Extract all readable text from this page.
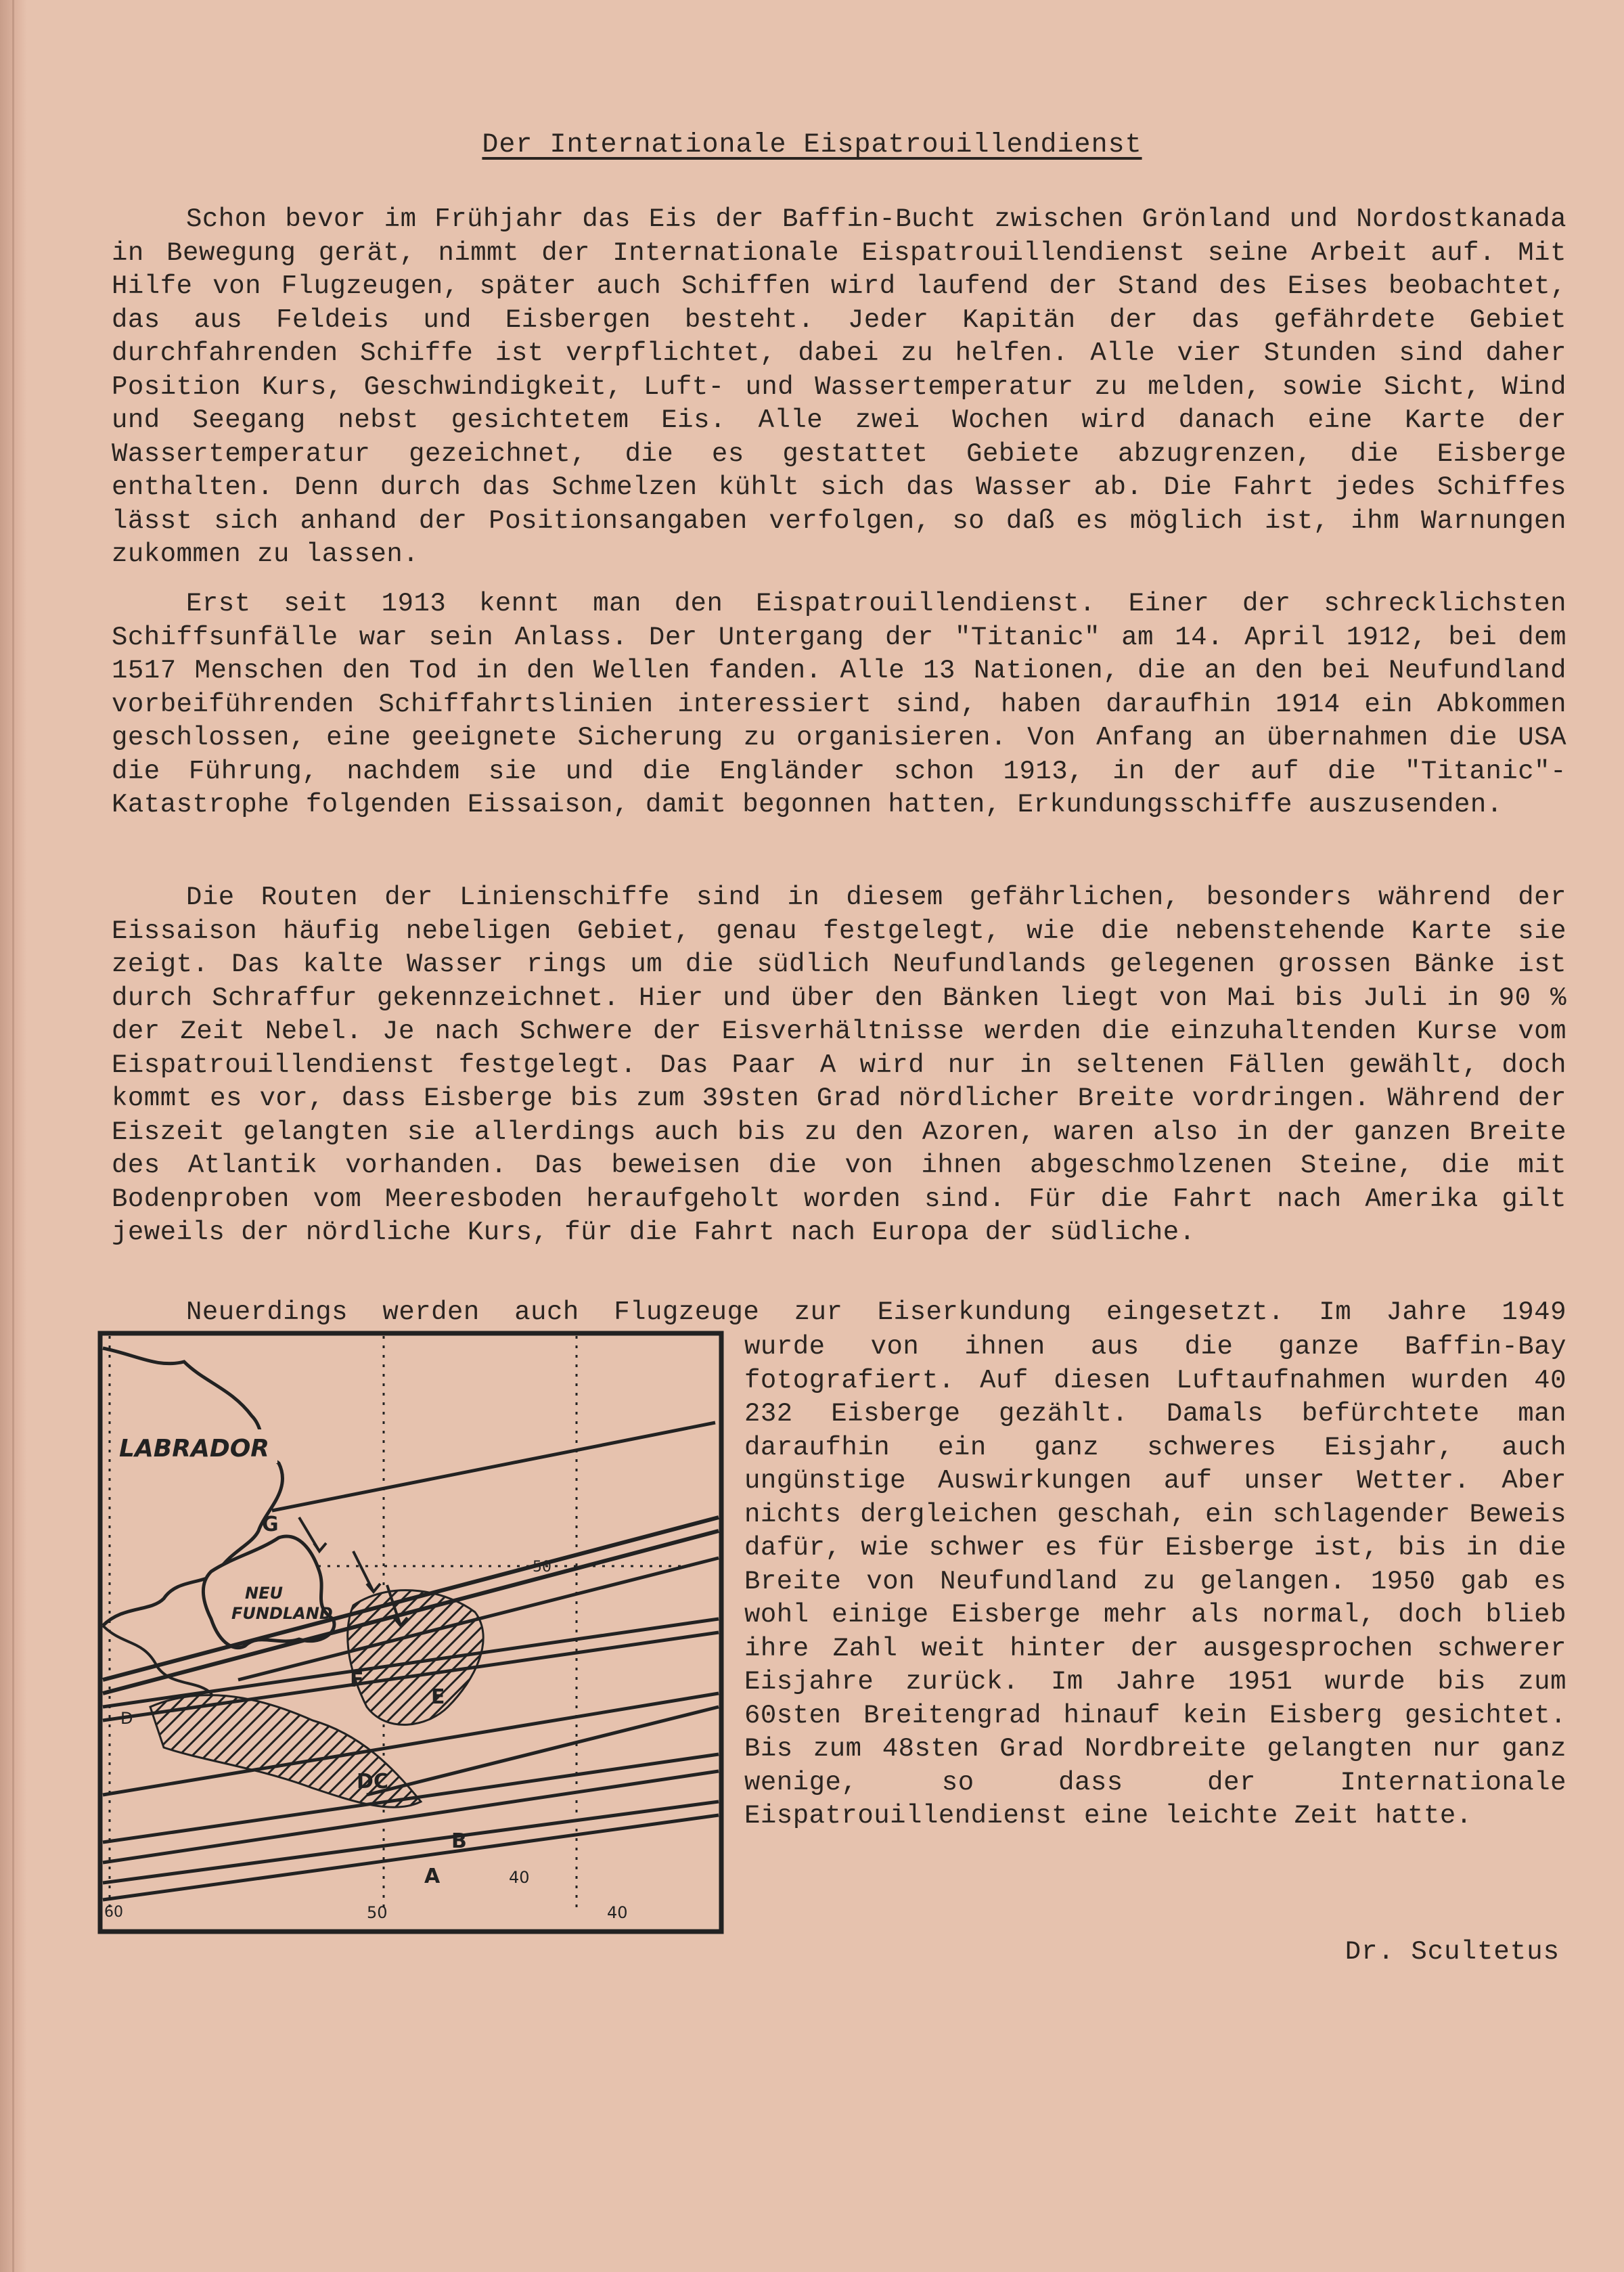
Der Internationale Eispatrouillendienst

Schon bevor im Frühjahr das Eis der Baffin-Bucht zwischen Grönland und Nordostkanada in Bewegung gerät, nimmt der Internationale Eispatrouillendienst seine Arbeit auf. Mit Hilfe von Flugzeugen, später auch Schiffen wird laufend der Stand des Eises beobachtet, das aus Feldeis und Eisbergen besteht. Jeder Kapitän der das gefährdete Gebiet durchfahrenden Schiffe ist verpflichtet, dabei zu helfen. Alle vier Stunden sind daher Position Kurs, Geschwindigkeit, Luft- und Wassertemperatur zu melden, sowie Sicht, Wind und Seegang nebst gesichtetem Eis. Alle zwei Wochen wird danach eine Karte der Wassertemperatur gezeichnet, die es gestattet Gebiete abzugrenzen, die Eisberge enthalten. Denn durch das Schmelzen kühlt sich das Wasser ab. Die Fahrt jedes Schiffes lässt sich anhand der Positionsangaben verfolgen, so daß es möglich ist, ihm Warnungen zukommen zu lassen.

Erst seit 1913 kennt man den Eispatrouillendienst. Einer der schrecklichsten Schiffsunfälle war sein Anlass. Der Untergang der "Titanic" am 14. April 1912, bei dem 1517 Menschen den Tod in den Wellen fanden. Alle 13 Nationen, die an den bei Neufundland vorbeiführenden Schiffahrtslinien interessiert sind, haben daraufhin 1914 ein Abkommen geschlossen, eine geeignete Sicherung zu organisieren. Von Anfang an übernahmen die USA die Führung, nachdem sie und die Engländer schon 1913, in der auf die "Titanic"-Katastrophe folgenden Eissaison, damit begonnen hatten, Erkundungsschiffe auszusenden.

Die Routen der Linienschiffe sind in diesem gefährlichen, besonders während der Eissaison häufig nebeligen Gebiet, genau festgelegt, wie die nebenstehende Karte sie zeigt. Das kalte Wasser rings um die südlich Neufundlands gelegenen grossen Bänke ist durch Schraffur gekennzeichnet. Hier und über den Bänken liegt von Mai bis Juli in 90 % der Zeit Nebel. Je nach Schwere der Eisverhältnisse werden die einzuhaltenden Kurse vom Eispatrouillendienst festgelegt. Das Paar A wird nur in seltenen Fällen gewählt, doch kommt es vor, dass Eisberge bis zum 39sten Grad nördlicher Breite vordringen. Während der Eiszeit gelangten sie allerdings auch bis zu den Azoren, waren also in der ganzen Breite des Atlantik vorhanden. Das beweisen die von ihnen abgeschmolzenen Steine, die mit Bodenproben vom Meeresboden heraufgeholt worden sind. Für die Fahrt nach Amerika gilt jeweils der nördliche Kurs, für die Fahrt nach Europa der südliche.

Neuerdings werden auch Flugzeuge zur Eiserkundung eingesetzt. Im Jahre 1949

wurde von ihnen aus die ganze Baffin-Bay fotografiert. Auf diesen Luftaufnahmen wurden 40 232 Eisberge gezählt. Damals befürchtete man daraufhin ein ganz schweres Eisjahr, auch ungünstige Auswirkungen auf unser Wetter. Aber nichts dergleichen geschah, ein schlagender Beweis dafür, wie schwer es für Eisberge ist, bis in die Breite von Neufundland zu gelangen. 1950 gab es wohl einige Eisberge mehr als normal, doch blieb ihre Zahl weit hinter der ausgesprochen schwerer Eisjahre zurück. Im Jahre 1951 wurde bis zum 60sten Breitengrad hinauf kein Eisberg gesichtet. Bis zum 48sten Grad Nordbreite gelangten nur ganz wenige, so dass der Internationale Eispatrouillendienst eine leichte Zeit hatte.

Dr. Scultetus
LABRADOR
NEU
FUNDLAND
50
G
F
E
D
D C
B
A	40
60	50	40
